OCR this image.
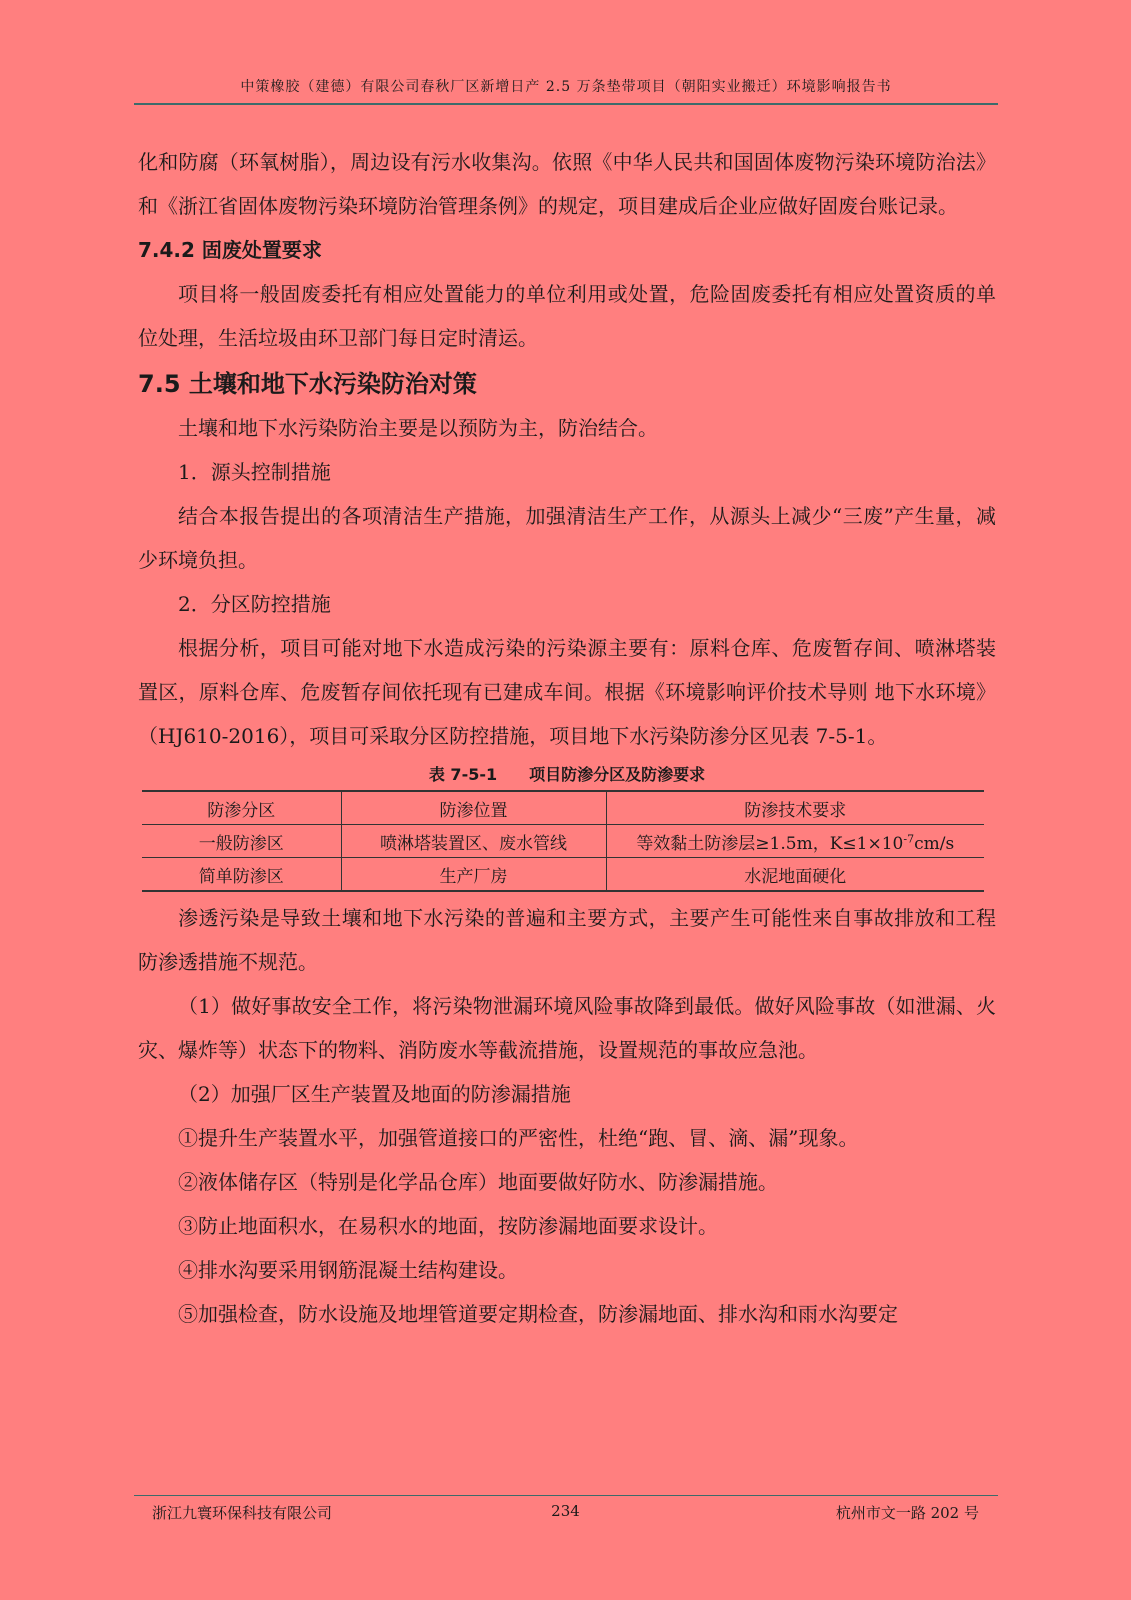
中策橡胶（建德）有限公司春秋厂区新增日产 2.5 万条垫带项目（朝阳实业搬迁）环境影响报告书

化和防腐（环氧树脂），周边设有污水收集沟。依照《中华人民共和国固体废物污染环境防治法》和《浙江省固体废物污染环境防治管理条例》的规定，项目建成后企业应做好固废台账记录。

7.4.2 固废处置要求

项目将一般固废委托有相应处置能力的单位利用或处置，危险固废委托有相应处置资质的单位处理，生活垃圾由环卫部门每日定时清运。

7.5 土壤和地下水污染防治对策

土壤和地下水污染防治主要是以预防为主，防治结合。

1．源头控制措施

结合本报告提出的各项清洁生产措施，加强清洁生产工作，从源头上减少“三废”产生量，减少环境负担。

2．分区防控措施

根据分析，项目可能对地下水造成污染的污染源主要有：原料仓库、危废暂存间、喷淋塔装置区，原料仓库、危废暂存间依托现有已建成车间。根据《环境影响评价技术导则 地下水环境》（HJ610-2016），项目可采取分区防控措施，项目地下水污染防渗分区见表 7-5-1。

表 7-5-1 项目防渗分区及防渗要求
防渗分区	防渗位置	防渗技术要求
一般防渗区	喷淋塔装置区、废水管线	等效黏土防渗层≥1.5m，$K\le 1\times 10^{-7}cm/s$
简单防渗区	生产厂房	水泥地面硬化

渗透污染是导致土壤和地下水污染的普遍和主要方式，主要产生可能性来自事故排放和工程防渗透措施不规范。

（1）做好事故安全工作，将污染物泄漏环境风险事故降到最低。做好风险事故（如泄漏、火灾、爆炸等）状态下的物料、消防废水等截流措施，设置规范的事故应急池。

（2）加强厂区生产装置及地面的防渗漏措施

①提升生产装置水平，加强管道接口的严密性，杜绝“跑、冒、滴、漏”现象。

②液体储存区（特别是化学品仓库）地面要做好防水、防渗漏措施。

③防止地面积水，在易积水的地面，按防渗漏地面要求设计。

④排水沟要采用钢筋混凝土结构建设。

⑤加强检查，防水设施及地埋管道要定期检查，防渗漏地面、排水沟和雨水沟要定

浙江九寰环保科技有限公司	234	杭州市文一路 202 号
